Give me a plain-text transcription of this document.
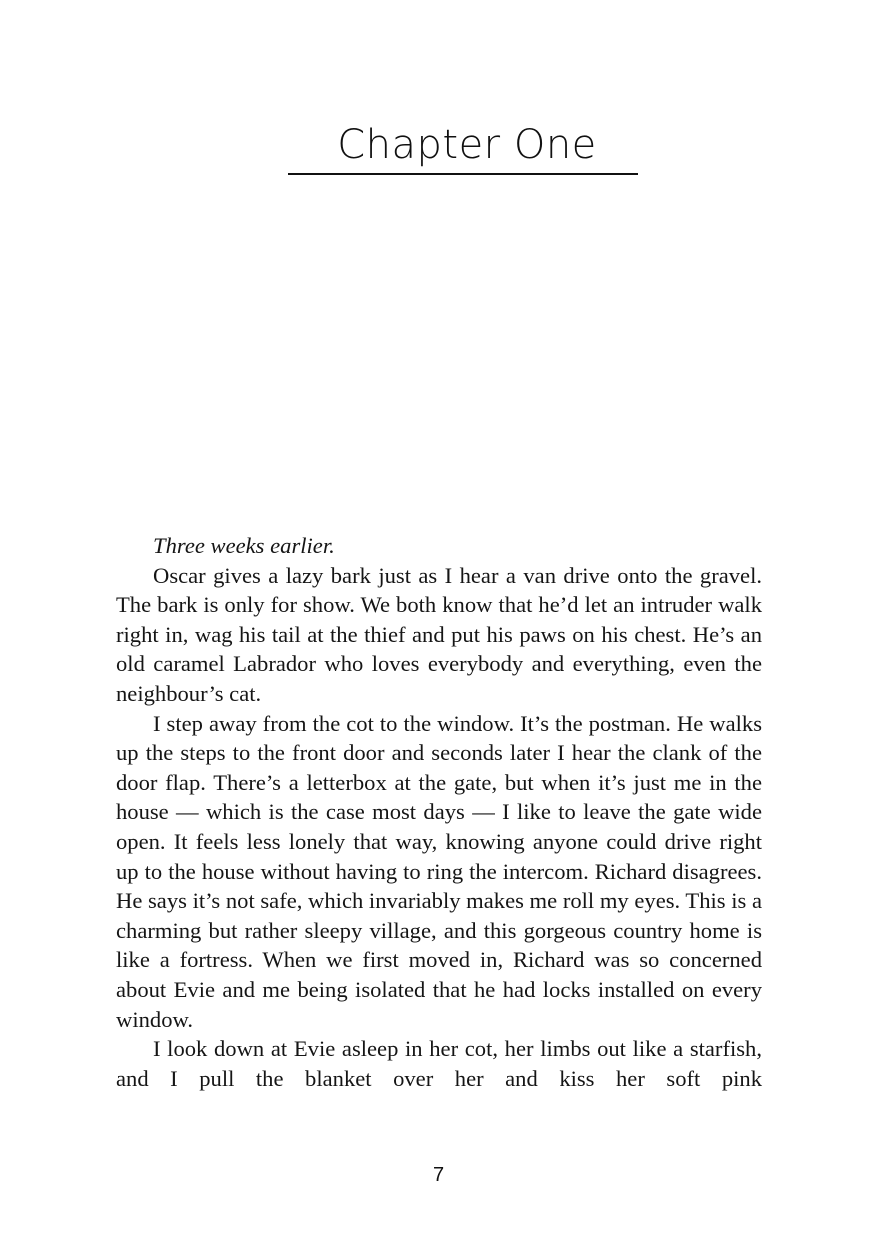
Chapter One

Three weeks earlier.

Oscar gives a lazy bark just as I hear a van drive onto the gravel. The bark is only for show. We both know that he’d let an intruder walk right in, wag his tail at the thief and put his paws on his chest. He’s an old caramel Labrador who loves everybody and everything, even the neighbour’s cat.

I step away from the cot to the window. It’s the postman. He walks up the steps to the front door and seconds later I hear the clank of the door flap. There’s a letterbox at the gate, but when it’s just me in the house — which is the case most days — I like to leave the gate wide open. It feels less lonely that way, knowing anyone could drive right up to the house without having to ring the intercom. Richard disagrees. He says it’s not safe, which invariably makes me roll my eyes. This is a charming but rather sleepy village, and this gorgeous country home is like a fortress. When we first moved in, Richard was so concerned about Evie and me being isolated that he had locks installed on every window.

I look down at Evie asleep in her cot, her limbs out like a starfish, and I pull the blanket over her and kiss her soft pink

7
